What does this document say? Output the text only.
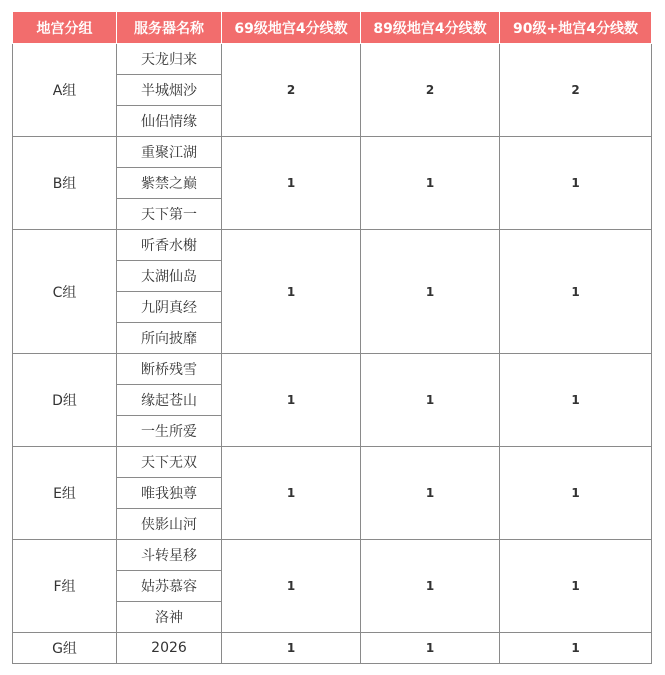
地宫分组	服务器名称	69级地宫4分线数	89级地宫4分线数	90级+地宫4分线数
A组	天龙归来	2	2	2
	半城烟沙			
	仙侣情缘			
B组	重聚江湖	1	1	1
	紫禁之巅			
	天下第一			
C组	听香水榭	1	1	1
	太湖仙岛			
	九阴真经			
	所向披靡			
D组	断桥残雪	1	1	1
	缘起苍山			
	一生所爱			
E组	天下无双	1	1	1
	唯我独尊			
	侠影山河			
F组	斗转星移	1	1	1
	姑苏慕容			
	洛神			
G组	2026	1	1	1
